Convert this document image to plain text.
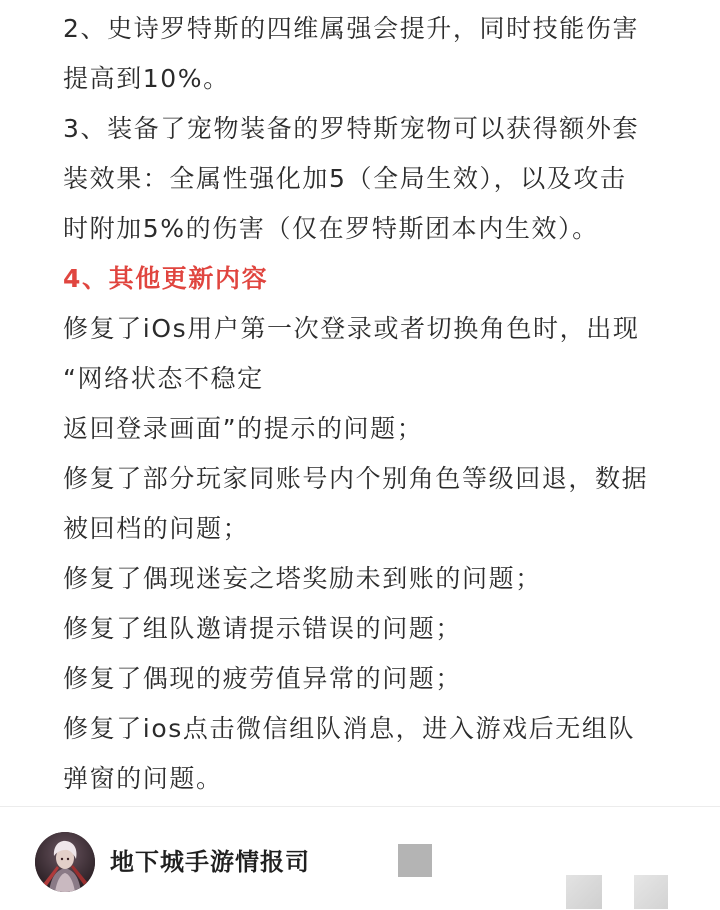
2、史诗罗特斯的四维属强会提升，同时技能伤害
提高到10%。
3、装备了宠物装备的罗特斯宠物可以获得额外套
装效果：全属性强化加5（全局生效），以及攻击
时附加5%的伤害（仅在罗特斯团本内生效）。
4、其他更新内容
修复了iOs用户第一次登录或者切换角色时，出现
“网络状态不稳定
返回登录画面”的提示的问题；
修复了部分玩家同账号内个别角色等级回退，数据
被回档的问题；
修复了偶现迷妄之塔奖励未到账的问题；
修复了组队邀请提示错误的问题；
修复了偶现的疲劳值异常的问题；
修复了ios点击微信组队消息，进入游戏后无组队
弹窗的问题。
地下城手游情报司
